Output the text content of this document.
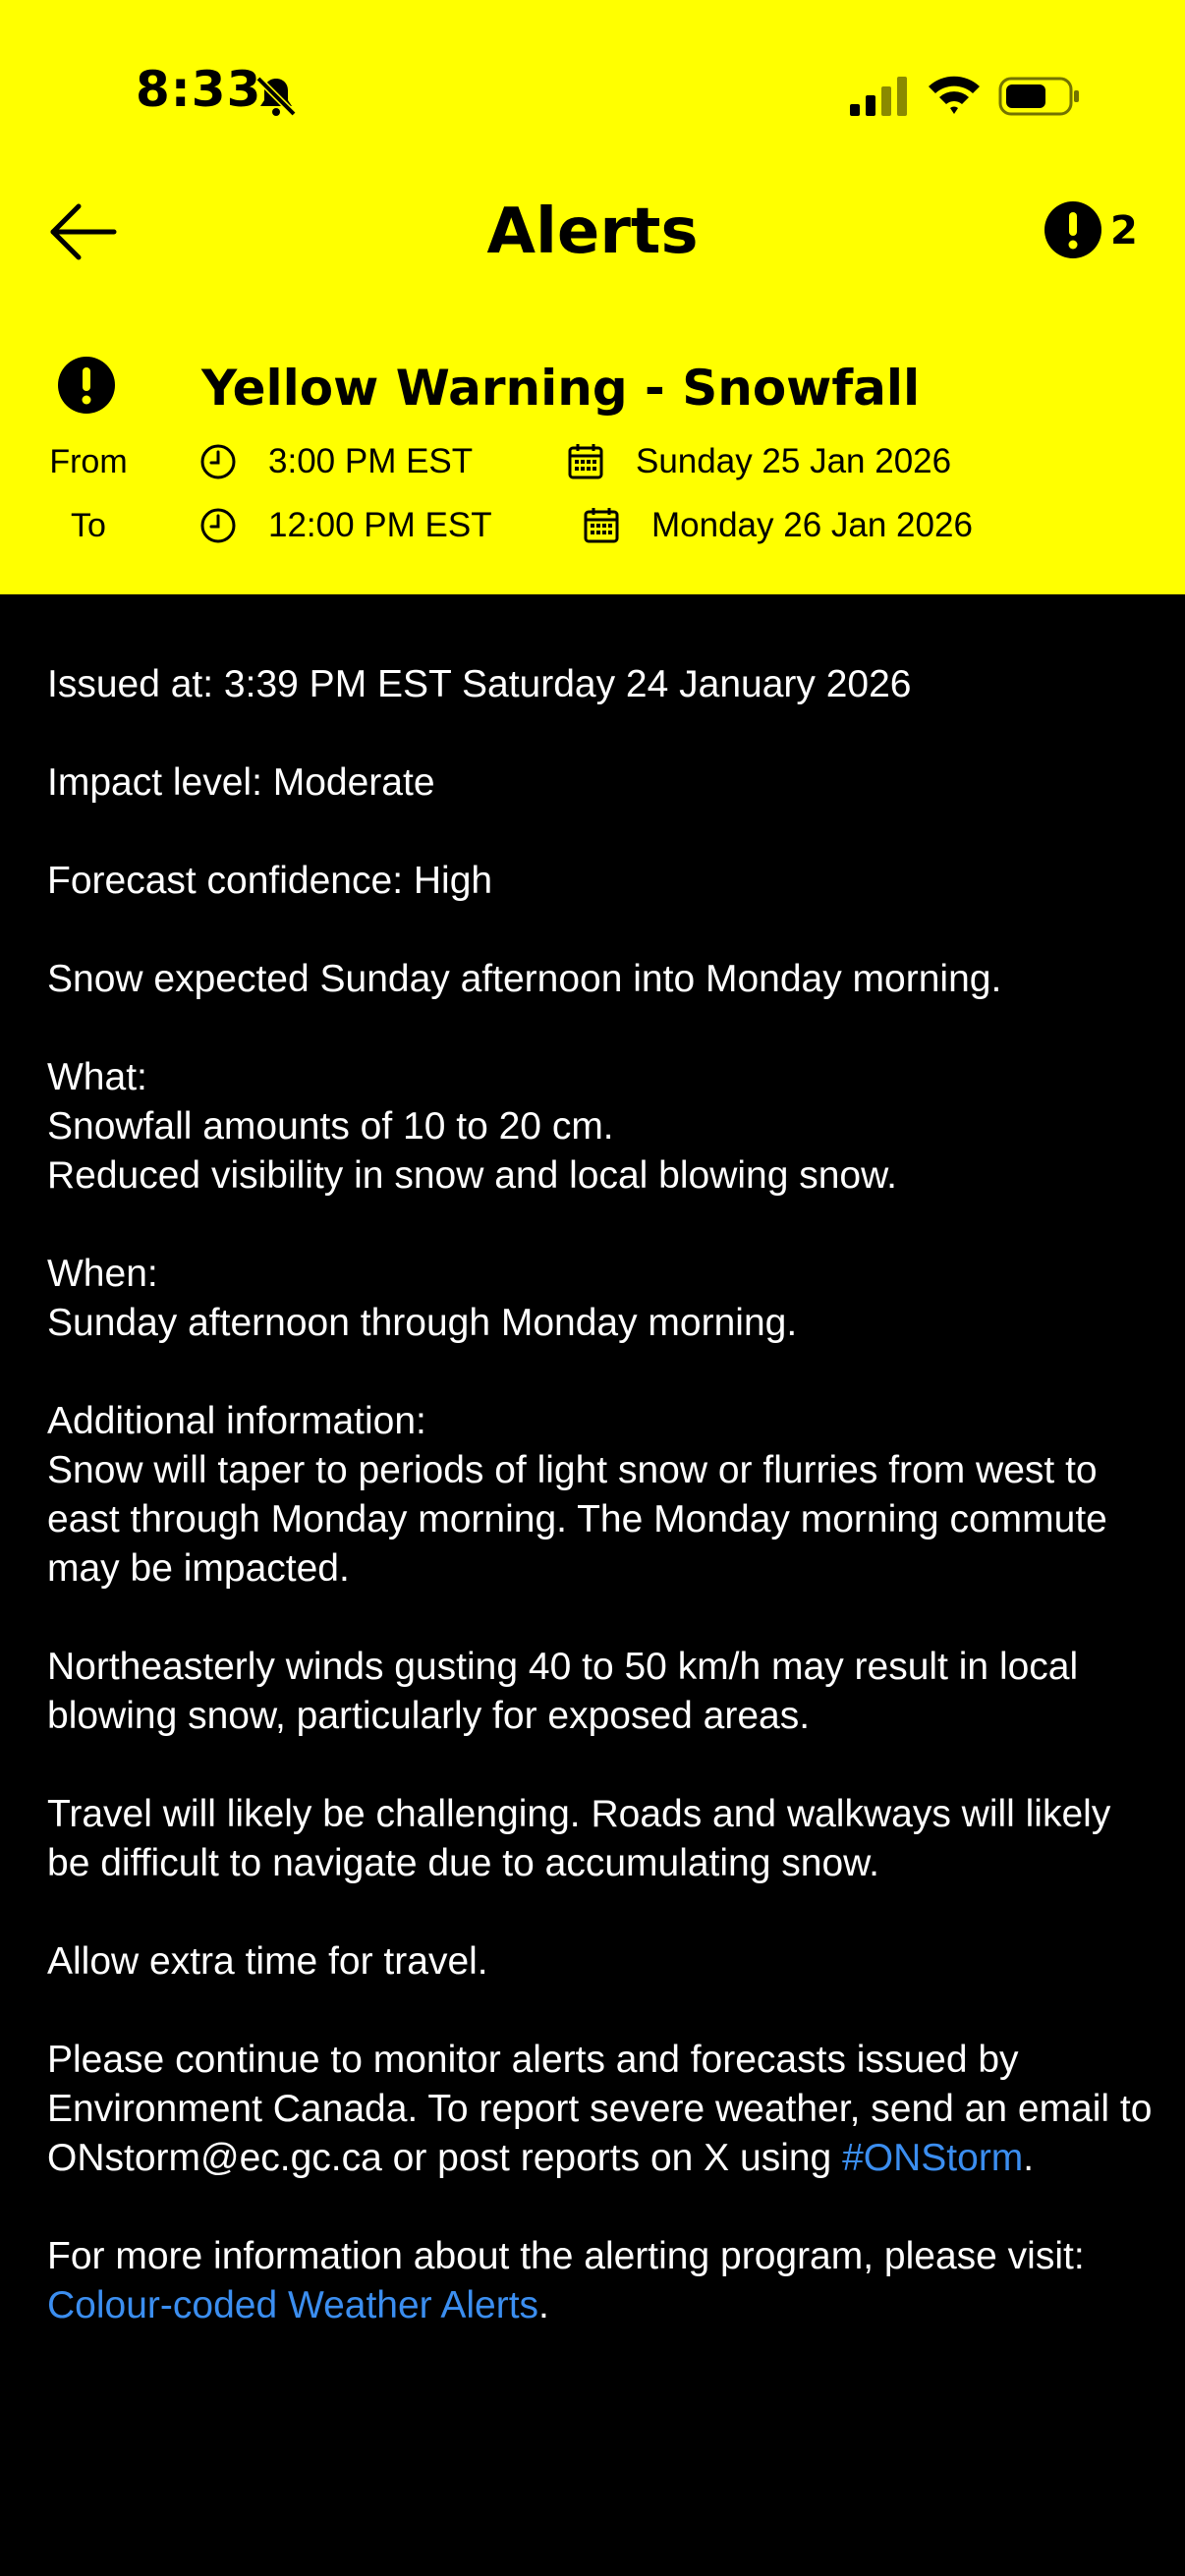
8:33
Alerts	2
Yellow Warning - Snowfall
From	3:00 PM EST	Sunday 25 Jan 2026
To	12:00 PM EST	Monday 26 Jan 2026

Issued at: 3:39 PM EST Saturday 24 January 2026

Impact level: Moderate

Forecast confidence: High

Snow expected Sunday afternoon into Monday morning.

What:

Snowfall amounts of 10 to 20 cm.

Reduced visibility in snow and local blowing snow.

When:

Sunday afternoon through Monday morning.

Additional information:

Snow will taper to periods of light snow or flurries from west to east through Monday morning. The Monday morning commute may be impacted.

Northeasterly winds gusting 40 to 50 km/h may result in local blowing snow, particularly for exposed areas.

Travel will likely be challenging. Roads and walkways will likely be difficult to navigate due to accumulating snow.

Allow extra time for travel.

Please continue to monitor alerts and forecasts issued by Environment Canada. To report severe weather, send an email to ONstorm@ec.gc.ca or post reports on X using #ONStorm.

For more information about the alerting program, please visit: Colour-coded Weather Alerts.
